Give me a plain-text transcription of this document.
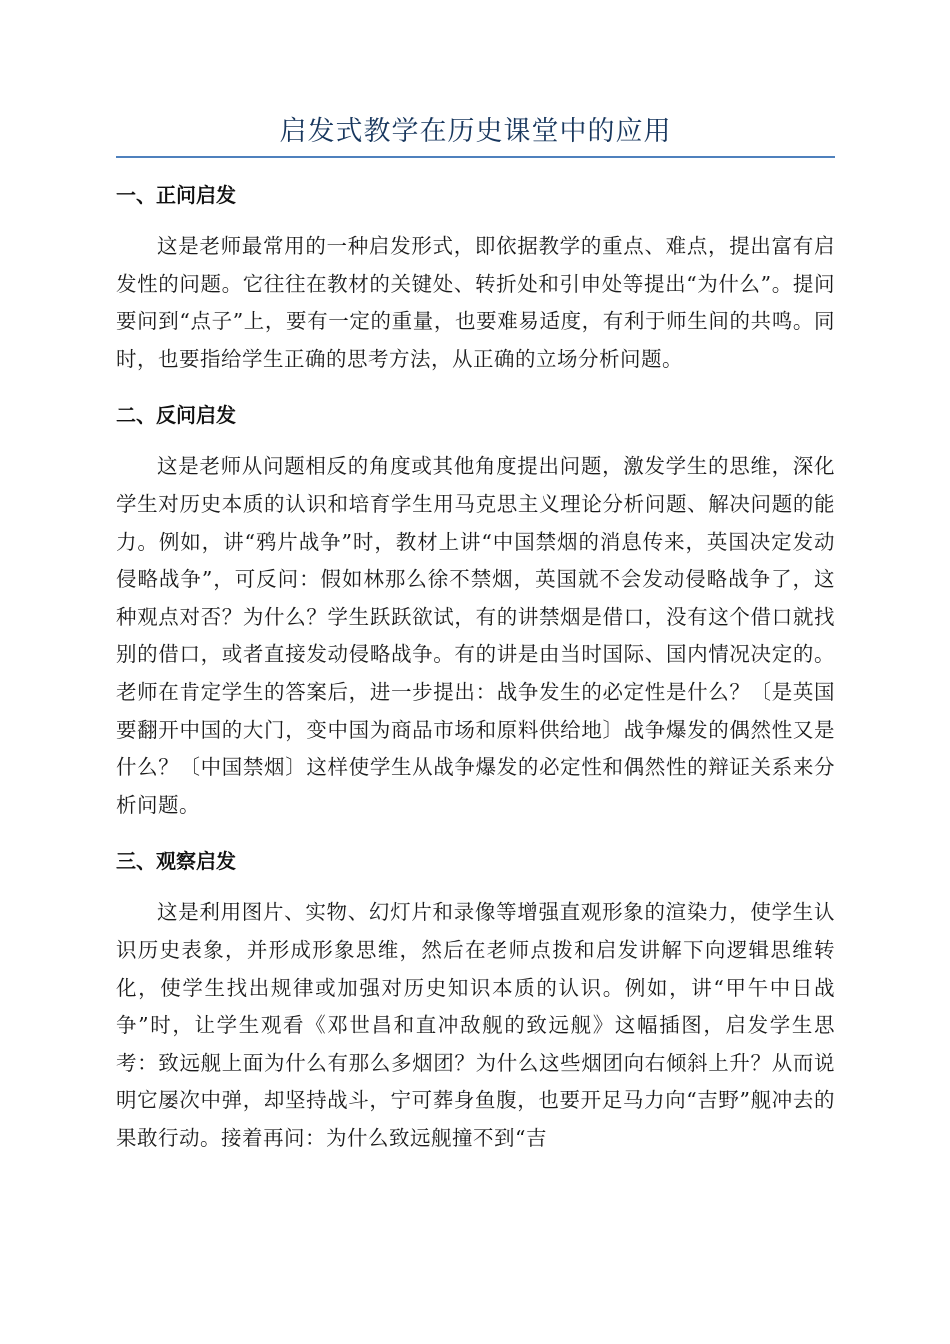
启发式教学在历史课堂中的应用
一、正问启发

这是老师最常用的一种启发形式，即依据教学的重点、难点，提出富有启发性的问题。它往往在教材的关键处、转折处和引申处等提出“为什么”。提问要问到“点子”上，要有一定的重量，也要难易适度，有利于师生间的共鸣。同时，也要指给学生正确的思考方法，从正确的立场分析问题。

二、反问启发

这是老师从问题相反的角度或其他角度提出问题，激发学生的思维，深化学生对历史本质的认识和培育学生用马克思主义理论分析问题、解决问题的能力。例如，讲“鸦片战争”时，教材上讲“中国禁烟的消息传来，英国决定发动侵略战争”，可反问：假如林那么徐不禁烟，英国就不会发动侵略战争了，这种观点对否？为什么？学生跃跃欲试，有的讲禁烟是借口，没有这个借口就找别的借口，或者直接发动侵略战争。有的讲是由当时国际、国内情况决定的。老师在肯定学生的答案后，进一步提出：战争发生的必定性是什么？〔是英国要翻开中国的大门，变中国为商品市场和原料供给地〕战争爆发的偶然性又是什么？〔中国禁烟〕这样使学生从战争爆发的必定性和偶然性的辩证关系来分析问题。

三、观察启发

这是利用图片、实物、幻灯片和录像等增强直观形象的渲染力，使学生认识历史表象，并形成形象思维，然后在老师点拨和启发讲解下向逻辑思维转化，使学生找出规律或加强对历史知识本质的认识。例如，讲“甲午中日战争”时，让学生观看《邓世昌和直冲敌舰的致远舰》这幅插图，启发学生思考：致远舰上面为什么有那么多烟团？为什么这些烟团向右倾斜上升？从而说明它屡次中弹，却坚持战斗，宁可葬身鱼腹，也要开足马力向“吉野”舰冲去的果敢行动。接着再问：为什么致远舰撞不到“吉
